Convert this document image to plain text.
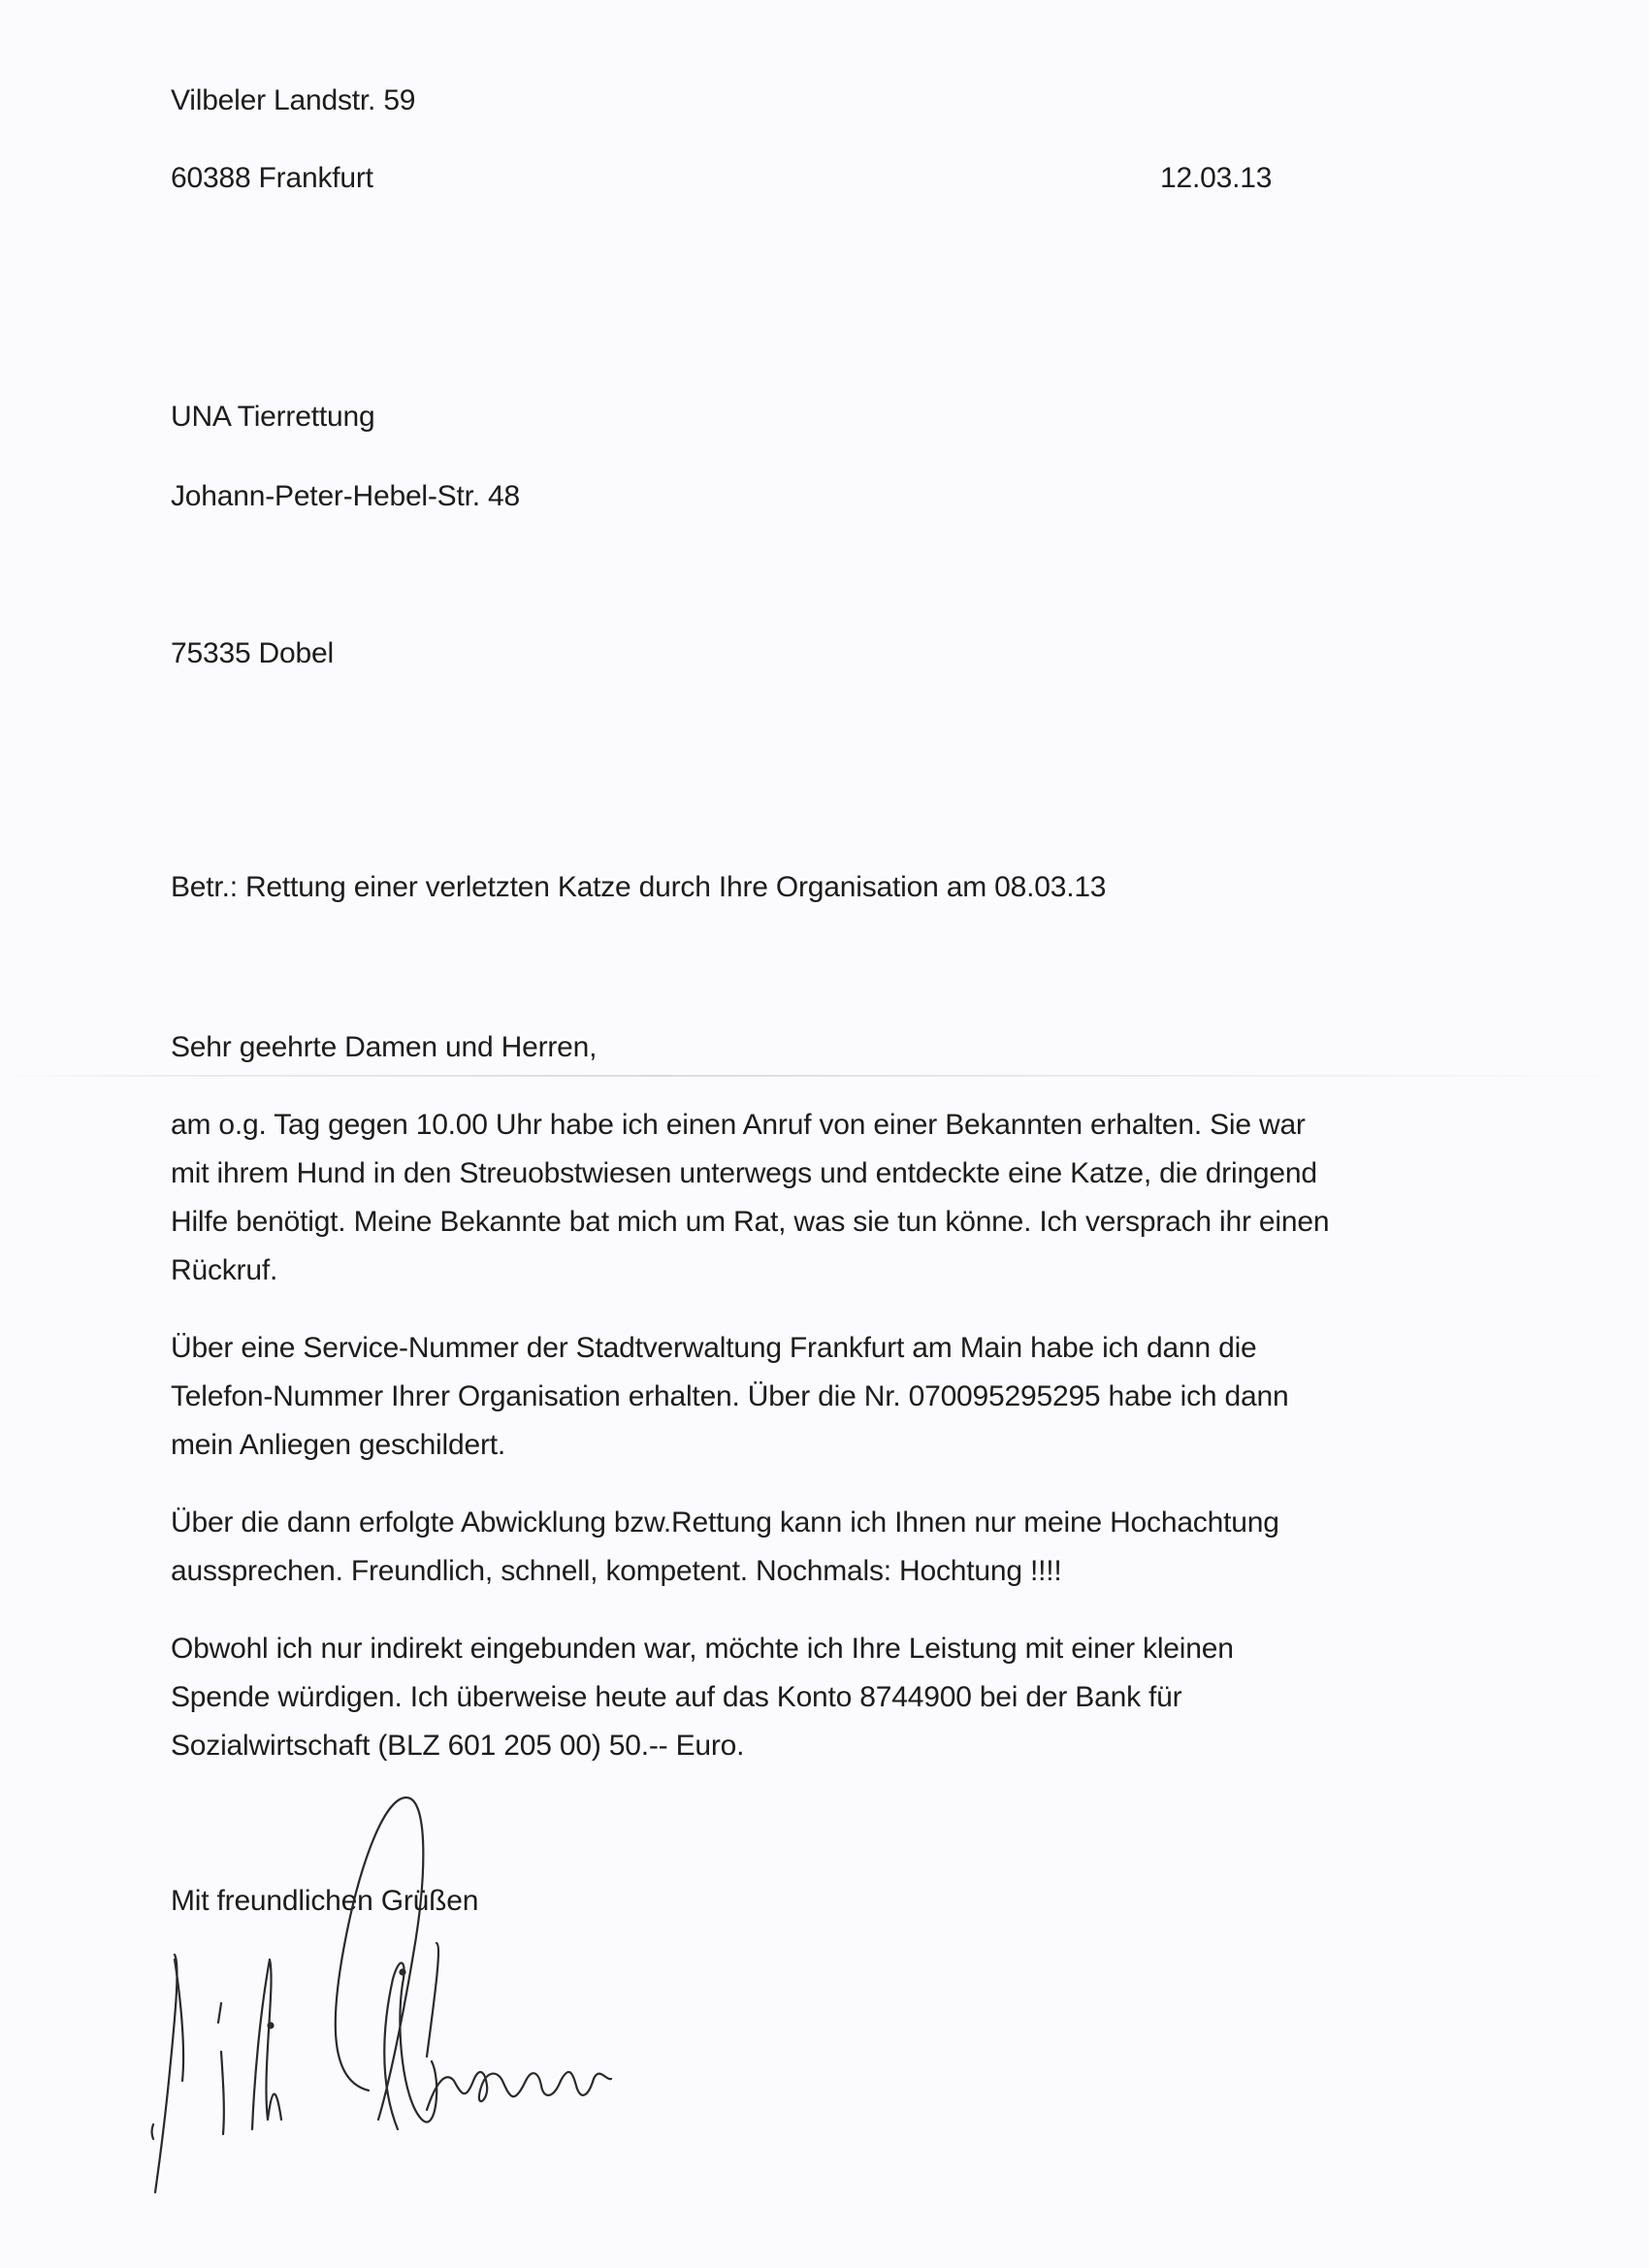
Vilbeler Landstr. 59
60388 Frankfurt	12.03.13
UNA Tierrettung
Johann-Peter-Hebel-Str. 48
75335 Dobel
Betr.: Rettung einer verletzten Katze durch Ihre Organisation am 08.03.13
Sehr geehrte Damen und Herren,
am o.g. Tag gegen 10.00 Uhr habe ich einen Anruf von einer Bekannten erhalten. Sie war
mit ihrem Hund in den Streuobstwiesen unterwegs und entdeckte eine Katze, die dringend
Hilfe benötigt. Meine Bekannte bat mich um Rat, was sie tun könne. Ich versprach ihr einen
Rückruf.
Über eine Service-Nummer der Stadtverwaltung Frankfurt am Main habe ich dann die
Telefon-Nummer Ihrer Organisation erhalten. Über die Nr. 070095295295 habe ich dann
mein Anliegen geschildert.
Über die dann erfolgte Abwicklung bzw.Rettung kann ich Ihnen nur meine Hochachtung
aussprechen. Freundlich, schnell, kompetent. Nochmals: Hochtung !!!!
Obwohl ich nur indirekt eingebunden war, möchte ich Ihre Leistung mit einer kleinen
Spende würdigen. Ich überweise heute auf das Konto 8744900 bei der Bank für
Sozialwirtschaft (BLZ 601 205 00) 50.-- Euro.
Mit freundlichen Grüßen
